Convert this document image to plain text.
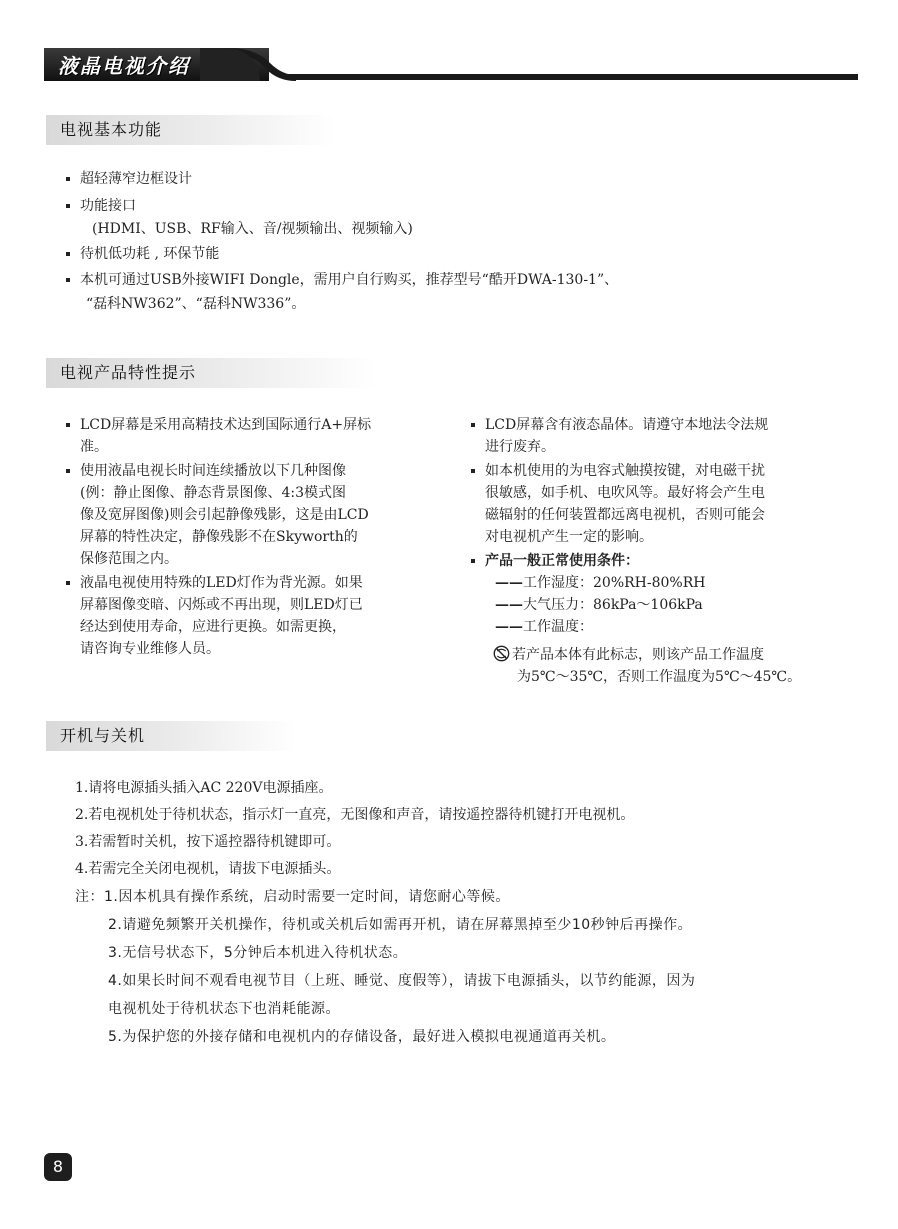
液晶电视介绍
电视基本功能
超轻薄窄边框设计
功能接口
(HDMI、USB、RF输入、音/视频输出、视频输入)
待机低功耗 , 环保节能
本机可通过USB外接WIFI Dongle，需用户自行购买，推荐型号“酷开DWA-130-1”、
“磊科NW362”、“磊科NW336”。
电视产品特性提示
LCD屏幕是采用高精技术达到国际通行A+屏标
准。
使用液晶电视长时间连续播放以下几种图像
(例：静止图像、静态背景图像、4:3模式图
像及宽屏图像)则会引起静像残影，这是由LCD
屏幕的特性决定，静像残影不在Skyworth的
保修范围之内。
液晶电视使用特殊的LED灯作为背光源。如果
屏幕图像变暗、闪烁或不再出现，则LED灯已
经达到使用寿命，应进行更换。如需更换，
请咨询专业维修人员。
LCD屏幕含有液态晶体。请遵守本地法令法规
进行废弃。
如本机使用的为电容式触摸按键，对电磁干扰
很敏感，如手机、电吹风等。最好将会产生电
磁辐射的任何装置都远离电视机，否则可能会
对电视机产生一定的影响。
产品一般正常使用条件：
——工作湿度：20%RH-80%RH
——大气压力：86kPa～106kPa
——工作温度：
若产品本体有此标志，则该产品工作温度
为5℃～35℃，否则工作温度为5℃～45℃。
开机与关机
1.请将电源插头插入AC 220V电源插座。
2.若电视机处于待机状态，指示灯一直亮，无图像和声音，请按遥控器待机键打开电视机。
3.若需暂时关机，按下遥控器待机键即可。
4.若需完全关闭电视机，请拔下电源插头。
注：1.因本机具有操作系统，启动时需要一定时间，请您耐心等候。
2.请避免频繁开关机操作，待机或关机后如需再开机，请在屏幕黑掉至少10秒钟后再操作。
3.无信号状态下，5分钟后本机进入待机状态。
4.如果长时间不观看电视节目（上班、睡觉、度假等），请拔下电源插头，以节约能源，因为
电视机处于待机状态下也消耗能源。
5.为保护您的外接存储和电视机内的存储设备，最好进入模拟电视通道再关机。
8
